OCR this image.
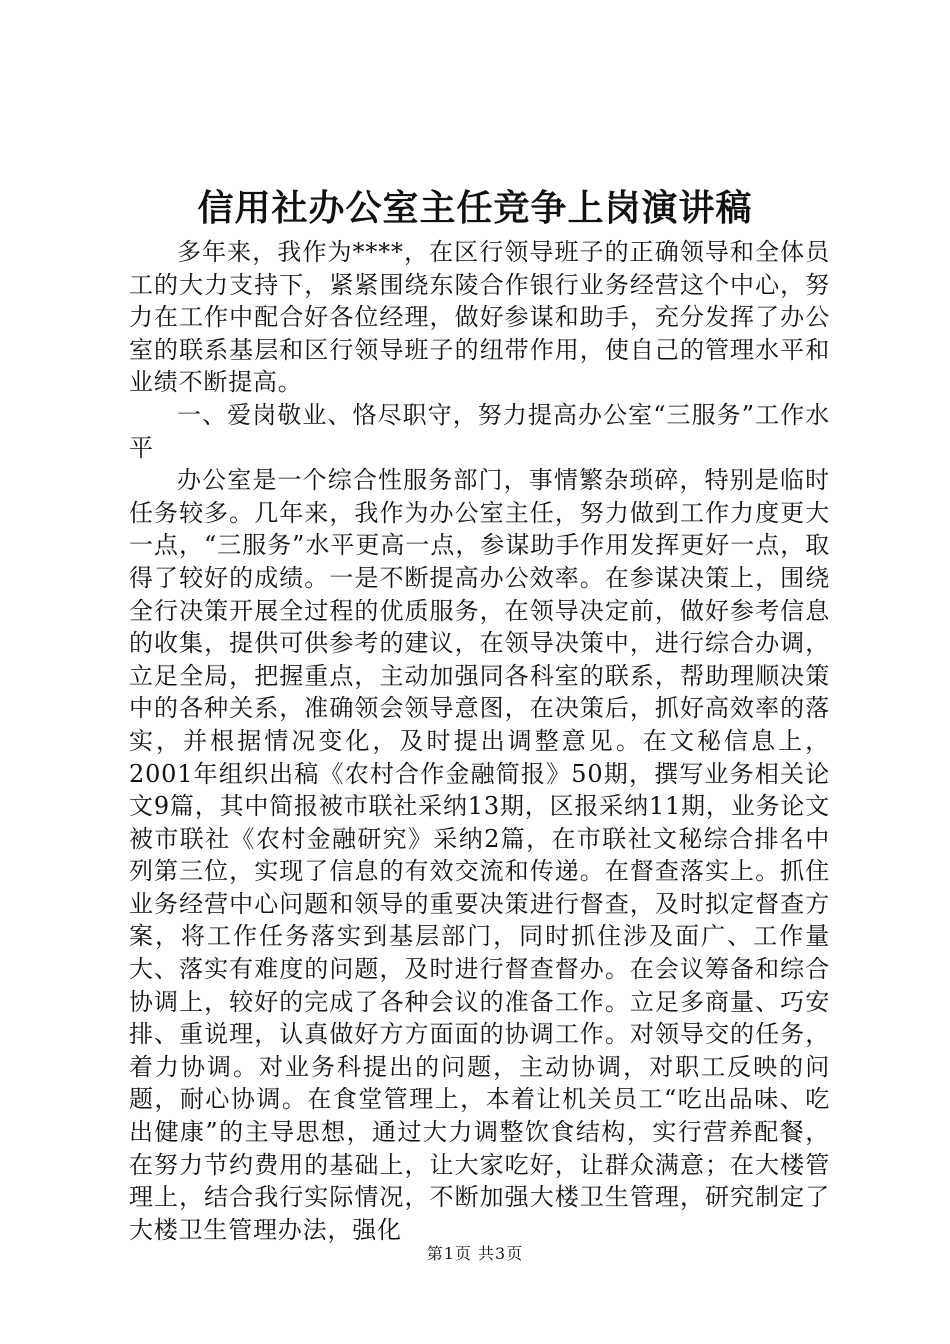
信用社办公室主任竞争上岗演讲稿

多年来，我作为****，在区行领导班子的正确领导和全体员工的大力支持下，紧紧围绕东陵合作银行业务经营这个中心，努力在工作中配合好各位经理，做好参谋和助手，充分发挥了办公室的联系基层和区行领导班子的纽带作用，使自己的管理水平和业绩不断提高。

一、爱岗敬业、恪尽职守，努力提高办公室“三服务”工作水平

办公室是一个综合性服务部门，事情繁杂琐碎，特别是临时任务较多。几年来，我作为办公室主任，努力做到工作力度更大一点，“三服务”水平更高一点，参谋助手作用发挥更好一点，取得了较好的成绩。一是不断提高办公效率。在参谋决策上，围绕全行决策开展全过程的优质服务，在领导决定前，做好参考信息的收集，提供可供参考的建议，在领导决策中，进行综合办调，立足全局，把握重点，主动加强同各科室的联系，帮助理顺决策中的各种关系，准确领会领导意图，在决策后，抓好高效率的落实，并根据情况变化，及时提出调整意见。在文秘信息上，2001年组织出稿《农村合作金融简报》50期，撰写业务相关论文9篇，其中简报被市联社采纳13期，区报采纳11期，业务论文被市联社《农村金融研究》采纳2篇，在市联社文秘综合排名中列第三位，实现了信息的有效交流和传递。在督查落实上。抓住业务经营中心问题和领导的重要决策进行督查，及时拟定督查方案，将工作任务落实到基层部门，同时抓住涉及面广、工作量大、落实有难度的问题，及时进行督查督办。在会议筹备和综合协调上，较好的完成了各种会议的准备工作。立足多商量、巧安排、重说理，认真做好方方面面的协调工作。对领导交的任务，着力协调。对业务科提出的问题，主动协调，对职工反映的问题，耐心协调。在食堂管理上，本着让机关员工“吃出品味、吃出健康”的主导思想，通过大力调整饮食结构，实行营养配餐，在努力节约费用的基础上，让大家吃好，让群众满意；在大楼管理上，结合我行实际情况，不断加强大楼卫生管理，研究制定了大楼卫生管理办法，强化

第1页 共3页
